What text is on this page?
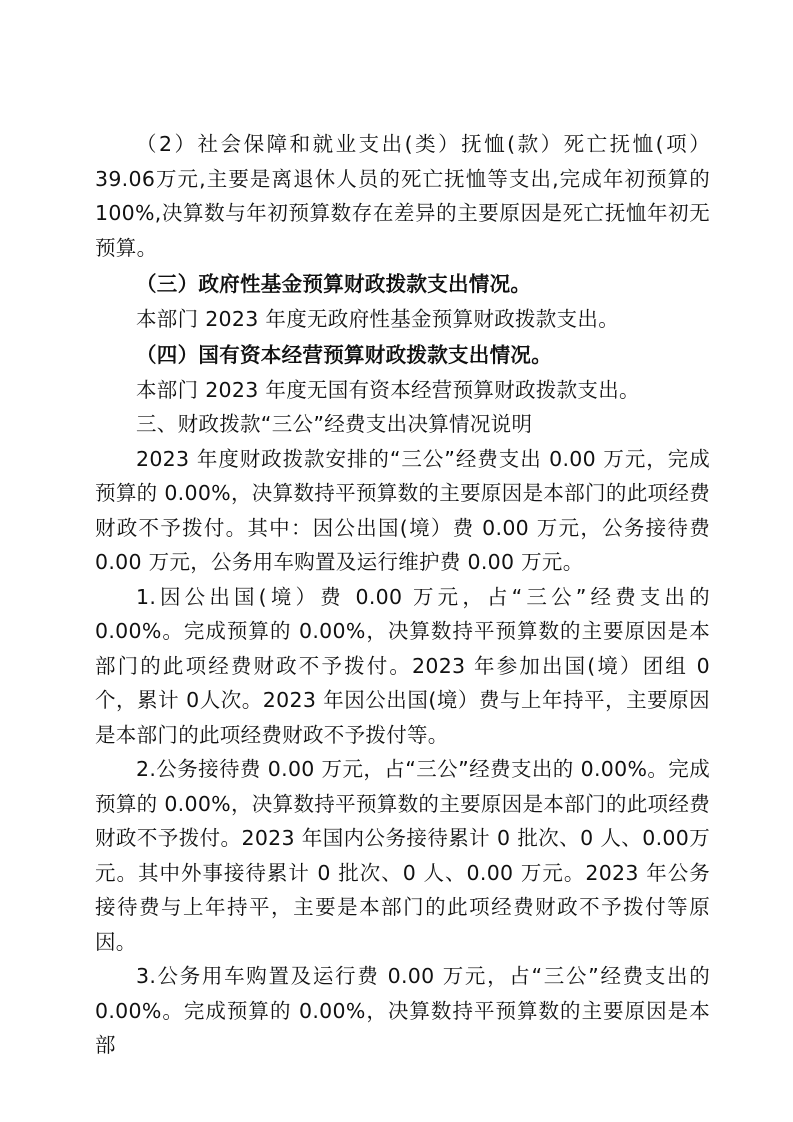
（2）社会保障和就业支出(类）抚恤(款）死亡抚恤(项）39.06万元,主要是离退休人员的死亡抚恤等支出,完成年初预算的100%,决算数与年初预算数存在差异的主要原因是死亡抚恤年初无预算。

（三）政府性基金预算财政拨款支出情况。

本部门 2023 年度无政府性基金预算财政拨款支出。

（四）国有资本经营预算财政拨款支出情况。

本部门 2023 年度无国有资本经营预算财政拨款支出。

三、财政拨款“三公”经费支出决算情况说明

2023 年度财政拨款安排的“三公”经费支出 0.00 万元，完成预算的 0.00%，决算数持平预算数的主要原因是本部门的此项经费财政不予拨付。其中：因公出国(境）费 0.00 万元，公务接待费 0.00 万元，公务用车购置及运行维护费 0.00 万元。

1.因公出国(境）费 0.00 万元，占“三公”经费支出的 0.00%。完成预算的 0.00%，决算数持平预算数的主要原因是本部门的此项经费财政不予拨付。2023 年参加出国(境）团组 0 个，累计 0人次。2023 年因公出国(境）费与上年持平，主要原因是本部门的此项经费财政不予拨付等。

2.公务接待费 0.00 万元，占“三公”经费支出的 0.00%。完成预算的 0.00%，决算数持平预算数的主要原因是本部门的此项经费财政不予拨付。2023 年国内公务接待累计 0 批次、0 人、0.00万元。其中外事接待累计 0 批次、0 人、0.00 万元。2023 年公务接待费与上年持平，主要是本部门的此项经费财政不予拨付等原因。

3.公务用车购置及运行费 0.00 万元，占“三公”经费支出的0.00%。完成预算的 0.00%，决算数持平预算数的主要原因是本部
